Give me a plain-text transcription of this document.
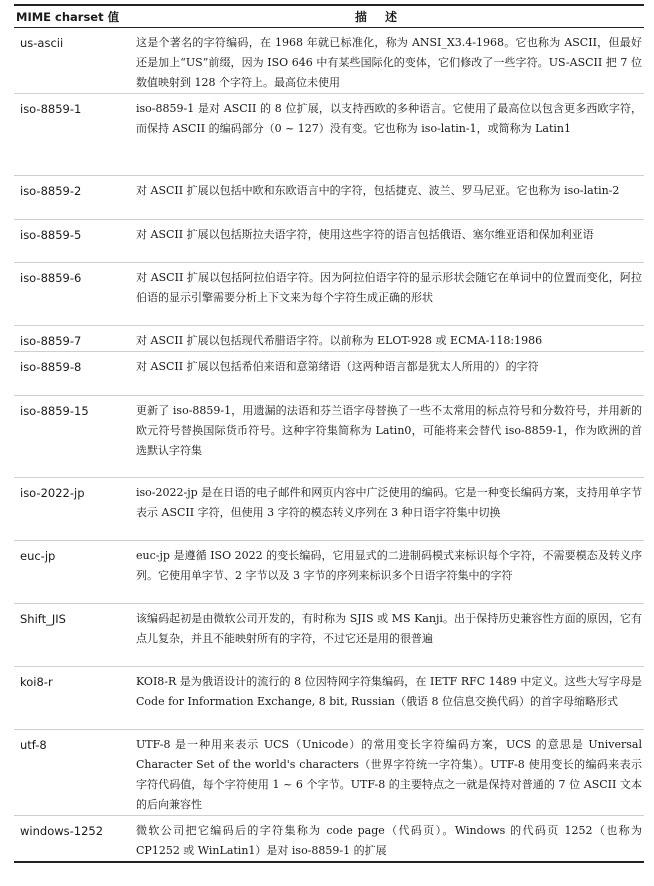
MIME charset 值	描述
us-ascii	这是个著名的字符编码，在 1968 年就已标准化，称为 ANSI_X3.4-1968。它也称为 ASCII，但最好还是加上“US”前缀，因为 ISO 646 中有某些国际化的变体，它们修改了一些字符。US-ASCII 把 7 位数值映射到 128 个字符上。最高位未使用
iso-8859-1	iso-8859-1 是对 ASCII 的 8 位扩展，以支持西欧的多种语言。它使用了最高位以包含更多西欧字符，而保持 ASCII 的编码部分（0 ~ 127）没有变。它也称为 iso-latin-1，或简称为 Latin1
iso-8859-2	对 ASCII 扩展以包括中欧和东欧语言中的字符，包括捷克、波兰、罗马尼亚。它也称为 iso-latin-2
iso-8859-5	对 ASCII 扩展以包括斯拉夫语字符，使用这些字符的语言包括俄语、塞尔维亚语和保加利亚语
iso-8859-6	对 ASCII 扩展以包括阿拉伯语字符。因为阿拉伯语字符的显示形状会随它在单词中的位置而变化，阿拉伯语的显示引擎需要分析上下文来为每个字符生成正确的形状
iso-8859-7	对 ASCII 扩展以包括现代希腊语字符。以前称为 ELOT-928 或 ECMA-118:1986
iso-8859-8	对 ASCII 扩展以包括希伯来语和意第绪语（这两种语言都是犹太人所用的）的字符
iso-8859-15	更新了 iso-8859-1，用遗漏的法语和芬兰语字母替换了一些不太常用的标点符号和分数符号，并用新的欧元符号替换国际货币符号。这种字符集简称为 Latin0，可能将来会替代 iso-8859-1，作为欧洲的首选默认字符集
iso-2022-jp	iso-2022-jp 是在日语的电子邮件和网页内容中广泛使用的编码。它是一种变长编码方案，支持用单字节表示 ASCII 字符，但使用 3 字符的模态转义序列在 3 种日语字符集中切换
euc-jp	euc-jp 是遵循 ISO 2022 的变长编码，它用显式的二进制码模式来标识每个字符，不需要模态及转义序列。它使用单字节、2 字节以及 3 字节的序列来标识多个日语字符集中的字符
Shift_JIS	该编码起初是由微软公司开发的，有时称为 SJIS 或 MS Kanji。出于保持历史兼容性方面的原因，它有点儿复杂，并且不能映射所有的字符，不过它还是用的很普遍
koi8-r	KOI8-R 是为俄语设计的流行的 8 位因特网字符集编码，在 IETF RFC 1489 中定义。这些大写字母是 Code for Information Exchange, 8 bit, Russian（俄语 8 位信息交换代码）的首字母缩略形式
utf-8	UTF-8 是一种用来表示 UCS（Unicode）的常用变长字符编码方案，UCS 的意思是 Universal Character Set of the world's characters（世界字符统一字符集）。UTF-8 使用变长的编码来表示字符代码值，每个字符使用 1 ~ 6 个字节。UTF-8 的主要特点之一就是保持对普通的 7 位 ASCII 文本的后向兼容性
windows-1252	微软公司把它编码后的字符集称为 code page（代码页）。Windows 的代码页 1252（也称为 CP1252 或 WinLatin1）是对 iso-8859-1 的扩展
